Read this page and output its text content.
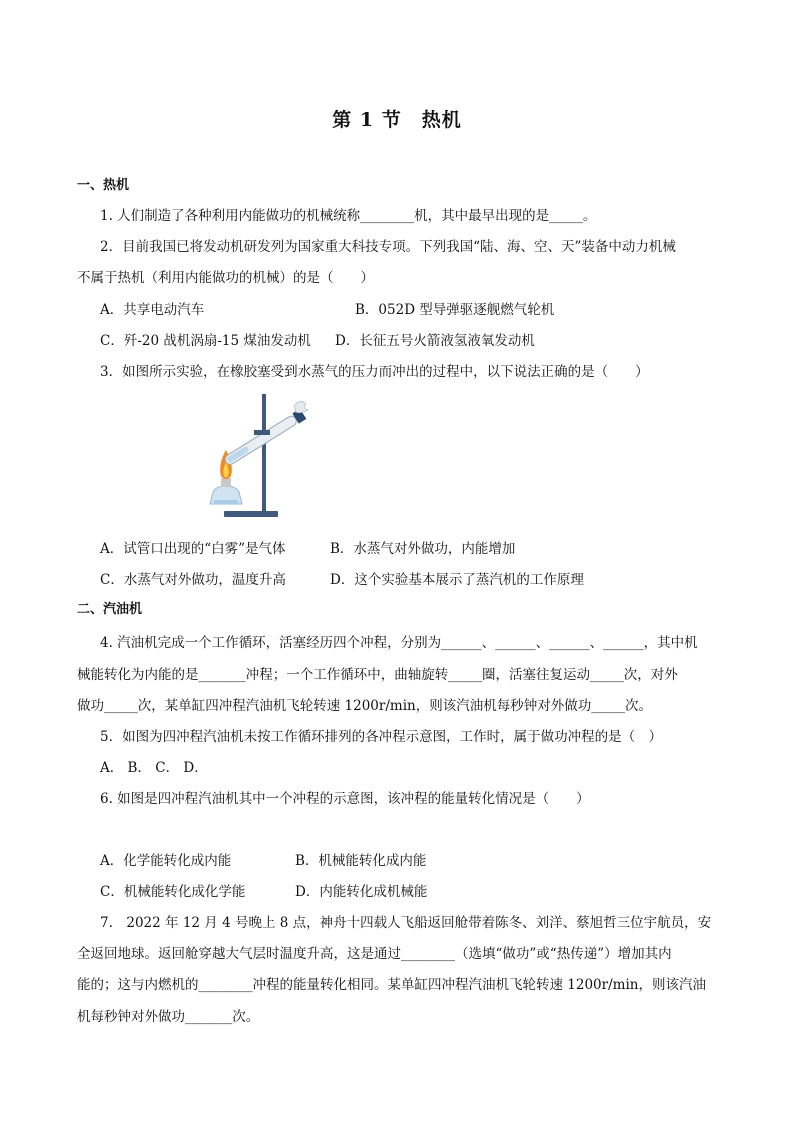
第 1 节　热机
一、热机
1. 人们制造了各种利用内能做功的机械统称________机，其中最早出现的是_____。
2．目前我国已将发动机研发列为国家重大科技专项。下列我国“陆、海、空、天”装备中动力机械
不属于热机（利用内能做功的机械）的是（　　）
A．共享电动汽车	B．052D 型导弹驱逐舰燃气轮机
C．歼-20 战机涡扇-15 煤油发动机 D．长征五号火箭液氢液氧发动机
3．如图所示实验，在橡胶塞受到水蒸气的压力而冲出的过程中，以下说法正确的是（　　）
A．试管口出现的“白雾”是气体	B．水蒸气对外做功，内能增加
C．水蒸气对外做功，温度升高	D．这个实验基本展示了蒸汽机的工作原理
二、汽油机
4. 汽油机完成一个工作循环，活塞经历四个冲程，分别为______、______、______、______，其中机
械能转化为内能的是_______冲程；一个工作循环中，曲轴旋转_____圈，活塞往复运动_____次，对外
做功_____次，某单缸四冲程汽油机飞轮转速 1200r/min，则该汽油机每秒钟对外做功_____次。
5．如图为四冲程汽油机未按工作循环排列的各冲程示意图，工作时，属于做功冲程的是（　）
A． B． C． D．
6. 如图是四冲程汽油机其中一个冲程的示意图，该冲程的能量转化情况是（　　）
A．化学能转化成内能	B．机械能转化成内能
C．机械能转化成化学能	D．内能转化成机械能
7.　2022 年 12 月 4 号晚上 8 点，神舟十四载人飞船返回舱带着陈冬、刘洋、蔡旭哲三位宇航员，安
全返回地球。返回舱穿越大气层时温度升高，这是通过________（选填“做功”或“热传递”）增加其内
能的；这与内燃机的________冲程的能量转化相同。某单缸四冲程汽油机飞轮转速 1200r/min，则该汽油
机每秒钟对外做功_______次。
